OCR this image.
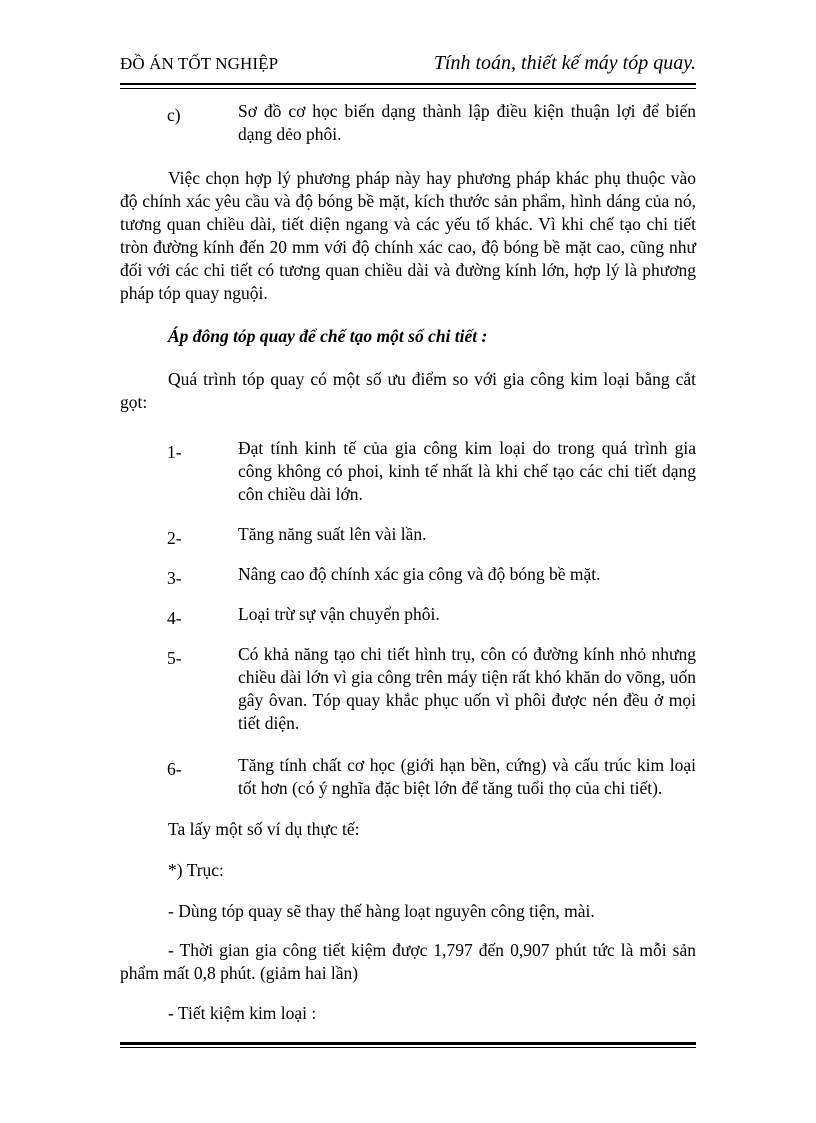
ĐỒ ÁN TỐT NGHIỆP	Tính toán, thiết kế máy tóp quay.
c)	Sơ đồ cơ học biến dạng thành lập điều kiện thuận lợi để biến dạng dẻo phôi.

Việc chọn hợp lý phương pháp này hay phương pháp khác phụ thuộc vào độ chính xác yêu cầu và độ bóng bề mặt, kích thước sản phẩm, hình dáng của nó, tương quan chiều dài, tiết diện ngang và các yếu tố khác. Vì khi chế tạo chi tiết tròn đường kính đến 20 mm với độ chính xác cao, độ bóng bề mặt cao, cũng như đối với các chi tiết có tương quan chiều dài và đường kính lớn, hợp lý là phương pháp tóp quay nguội.

Áp đông tóp quay để chế tạo một số chi tiết :

Quá trình tóp quay có một số ưu điểm so với gia công kim loại bằng cắt gọt:

1-	Đạt tính kinh tế của gia công kim loại do trong quá trình gia công không có phoi, kinh tế nhất là khi chế tạo các chi tiết dạng côn chiều dài lớn.
2-	Tăng năng suất lên vài lần.
3-	Nâng cao độ chính xác gia công và độ bóng bề mặt.
4-	Loại trừ sự vận chuyển phôi.
5-	Có khả năng tạo chi tiết hình trụ, côn có đường kính nhỏ nhưng chiều dài lớn vì gia công trên máy tiện rất khó khăn do võng, uốn gây ôvan. Tóp quay khắc phục uốn vì phôi được nén đều ở mọi tiết diện.
6-	Tăng tính chất cơ học (giới hạn bền, cứng) và cấu trúc kim loại tốt hơn (có ý nghĩa đặc biệt lớn để tăng tuổi thọ của chi tiết).
Ta lấy một số ví dụ thực tế:
*) Trục:
- Dùng tóp quay sẽ thay thế hàng loạt nguyên công tiện, mài.

- Thời gian gia công tiết kiệm được 1,797 đến 0,907 phút tức là mỗi sản phẩm mất 0,8 phút. (giảm hai lần)

- Tiết kiệm kim loại :
